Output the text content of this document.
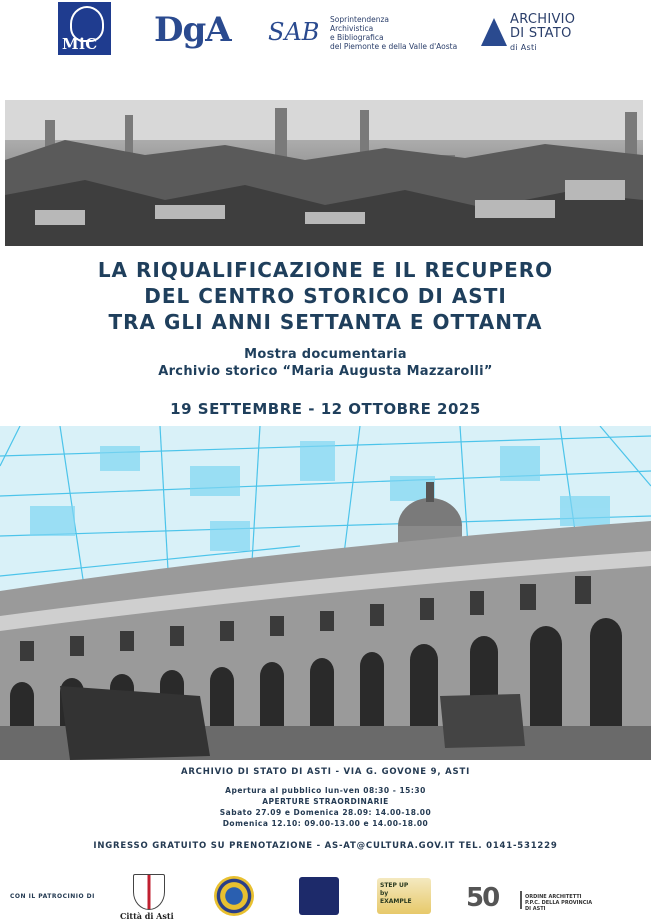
MiC DgA SAB Soprintendenza
Archivistica
e Bibliografica
del Piemonte e della Valle d'Aosta
ARCHIVIO
DI STATO
di Asti
LA RIQUALIFICAZIONE E IL RECUPERO
DEL CENTRO STORICO DI ASTI
TRA GLI ANNI SETTANTA E OTTANTA
Mostra documentaria
Archivio storico “Maria Augusta Mazzarolli”
19 SETTEMBRE - 12 OTTOBRE 2025
ARCHIVIO DI STATO DI ASTI - VIA G. GOVONE 9, ASTI
Apertura al pubblico lun-ven 08:30 - 15:30
APERTURE STRAORDINARIE
Sabato 27.09 e Domenica 28.09: 14.00-18.00
Domenica 12.10: 09.00-13.00 e 14.00-18.00
INGRESSO GRATUITO SU PRENOTAZIONE - AS-AT@CULTURA.GOV.IT TEL. 0141-531229
CON IL PATROCINIO DI
Città di Asti
STEP UP
by
EXAMPLE 50	ORDINE ARCHITETTI
P.P.C. DELLA PROVINCIA
DI ASTI
